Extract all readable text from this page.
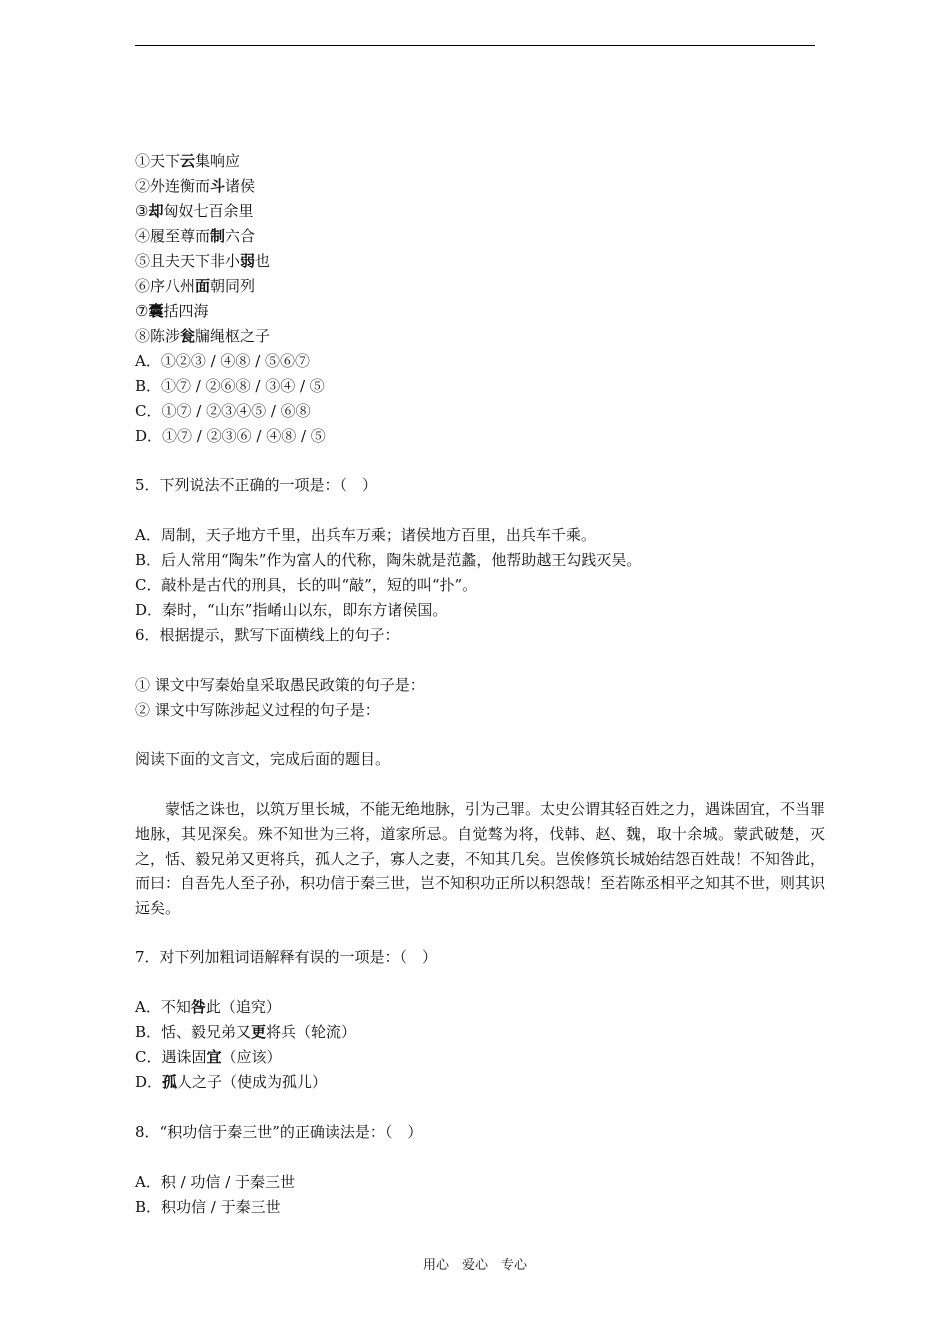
①天下云集响应
②外连衡而斗诸侯
③却匈奴七百余里
④履至尊而制六合
⑤且夫天下非小弱也
⑥序八州面朝同列
⑦囊括四海
⑧陈涉瓮牖绳枢之子
A．①②③ / ④⑧ / ⑤⑥⑦
B．①⑦ / ②⑥⑧ / ③④ / ⑤
C．①⑦ / ②③④⑤ / ⑥⑧
D．①⑦ / ②③⑥ / ④⑧ / ⑤
5．下列说法不正确的一项是：（　）
A．周制，天子地方千里，出兵车万乘；诸侯地方百里，出兵车千乘。
B．后人常用“陶朱”作为富人的代称，陶朱就是范蠡，他帮助越王勾践灭吴。
C．敲朴是古代的刑具，长的叫“敲”，短的叫“扑”。
D．秦时，“山东”指崤山以东，即东方诸侯国。
6．根据提示，默写下面横线上的句子：
① 课文中写秦始皇采取愚民政策的句子是：
② 课文中写陈涉起义过程的句子是：
阅读下面的文言文，完成后面的题目。
蒙恬之诛也，以筑万里长城，不能无绝地脉，引为己罪。太史公谓其轻百姓之力，遇诛固宜，不当罪地脉，其见深矣。殊不知世为三将，道家所忌。自觉骜为将，伐韩、赵、魏，取十余城。蒙武破楚，灭之，恬、毅兄弟又更将兵，孤人之子，寡人之妻，不知其几矣。岂俟修筑长城始结怨百姓哉！不知咎此，而曰：自吾先人至子孙，积功信于秦三世，岂不知积功正所以积怨哉！至若陈丞相平之知其不世，则其识远矣。
7．对下列加粗词语解释有误的一项是：（　）
A．不知咎此（追究）
B．恬、毅兄弟又更将兵（轮流）
C．遇诛固宜（应该）
D．孤人之子（使成为孤儿）
8．“积功信于秦三世”的正确读法是：（　）
A．积 / 功信 / 于秦三世
B．积功信 / 于秦三世
用心　爱心　专心
